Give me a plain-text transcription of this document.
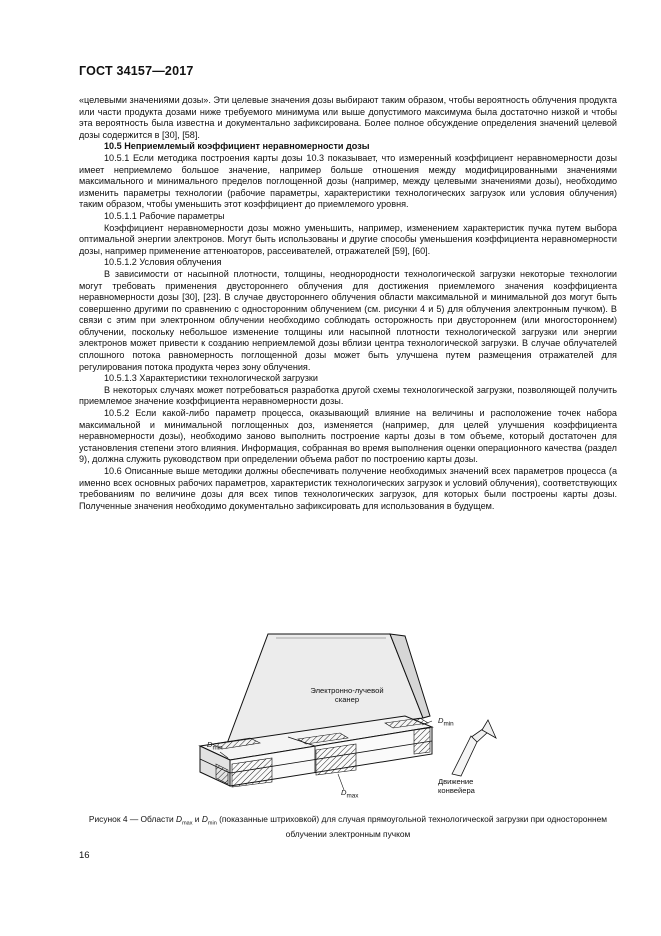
ГОСТ 34157—2017

«целевыми значениями дозы». Эти целевые значения дозы выбирают таким образом, чтобы вероятность облучения продукта или части продукта дозами ниже требуемого минимума или выше допустимого максимума была достаточно низкой и чтобы эта вероятность была известна и документально зафиксирована. Более полное обсуждение определения значений целевой дозы содержится в [30], [58].

10.5 Неприемлемый коэффициент неравномерности дозы

10.5.1 Если методика построения карты дозы 10.3 показывает, что измеренный коэффициент неравномерности дозы имеет неприемлемо большое значение, например больше отношения между модифицированными значениями максимального и минимального пределов поглощенной дозы (например, между целевыми значениями дозы), необходимо изменить параметры технологии (рабочие параметры, характеристики технологических загрузок или условия облучения) таким образом, чтобы уменьшить этот коэффициент до приемлемого уровня.

10.5.1.1 Рабочие параметры

Коэффициент неравномерности дозы можно уменьшить, например, изменением характеристик пучка путем выбора оптимальной энергии электронов. Могут быть использованы и другие способы уменьшения коэффициента неравномерности дозы, например применение аттенюаторов, рассеивателей, отражателей [59], [60].

10.5.1.2 Условия облучения

В зависимости от насыпной плотности, толщины, неоднородности технологической загрузки некоторые технологии могут требовать применения двустороннего облучения для достижения приемлемого значения коэффициента неравномерности дозы [30], [23]. В случае двустороннего облучения области максимальной и минимальной доз могут быть совершенно другими по сравнению с односторонним облучением (см. рисунки 4 и 5) для облучения электронным пучком). В связи с этим при электронном облучении необходимо соблюдать осторожность при двустороннем (или многостороннем) облучении, поскольку небольшое изменение толщины или насыпной плотности технологической загрузки или энергии электронов может привести к созданию неприемлемой дозы вблизи центра технологической загрузки. В случае облучателей сплошного потока равномерность поглощенной дозы может быть улучшена путем размещения отражателей для регулирования потока продукта через зону облучения.

10.5.1.3 Характеристики технологической загрузки

В некоторых случаях может потребоваться разработка другой схемы технологической загрузки, позволяющей получить приемлемое значение коэффициента неравномерности дозы.

10.5.2 Если какой-либо параметр процесса, оказывающий влияние на величины и расположение точек набора максимальной и минимальной поглощенных доз, изменяется (например, для целей улучшения коэффициента неравномерности дозы), необходимо заново выполнить построение карты дозы в том объеме, который достаточен для установления степени этого влияния. Информация, собранная во время выполнения оценки операционного качества (раздел 9), должна служить руководством при определении объема работ по построению карты дозы.

10.6 Описанные выше методики должны обеспечивать получение необходимых значений всех параметров процесса (а именно всех основных рабочих параметров, характеристик технологических загрузок и условий облучения), соответствующих требованиям по величине дозы для всех типов технологических загрузок, для которых были построены карты дозы. Полученные значения необходимо документально зафиксировать для использования в будущем.

Электронно-лучевой
сканер
$D_{min}$
$D_{min}$
$D_{max}$
Движение
конвейера
Рисунок 4 — Области $D_{max}$ и $D_{min}$ (показанные штриховкой) для случая прямоугольной технологической загрузки при одностороннем облучении электронным пучком
16
